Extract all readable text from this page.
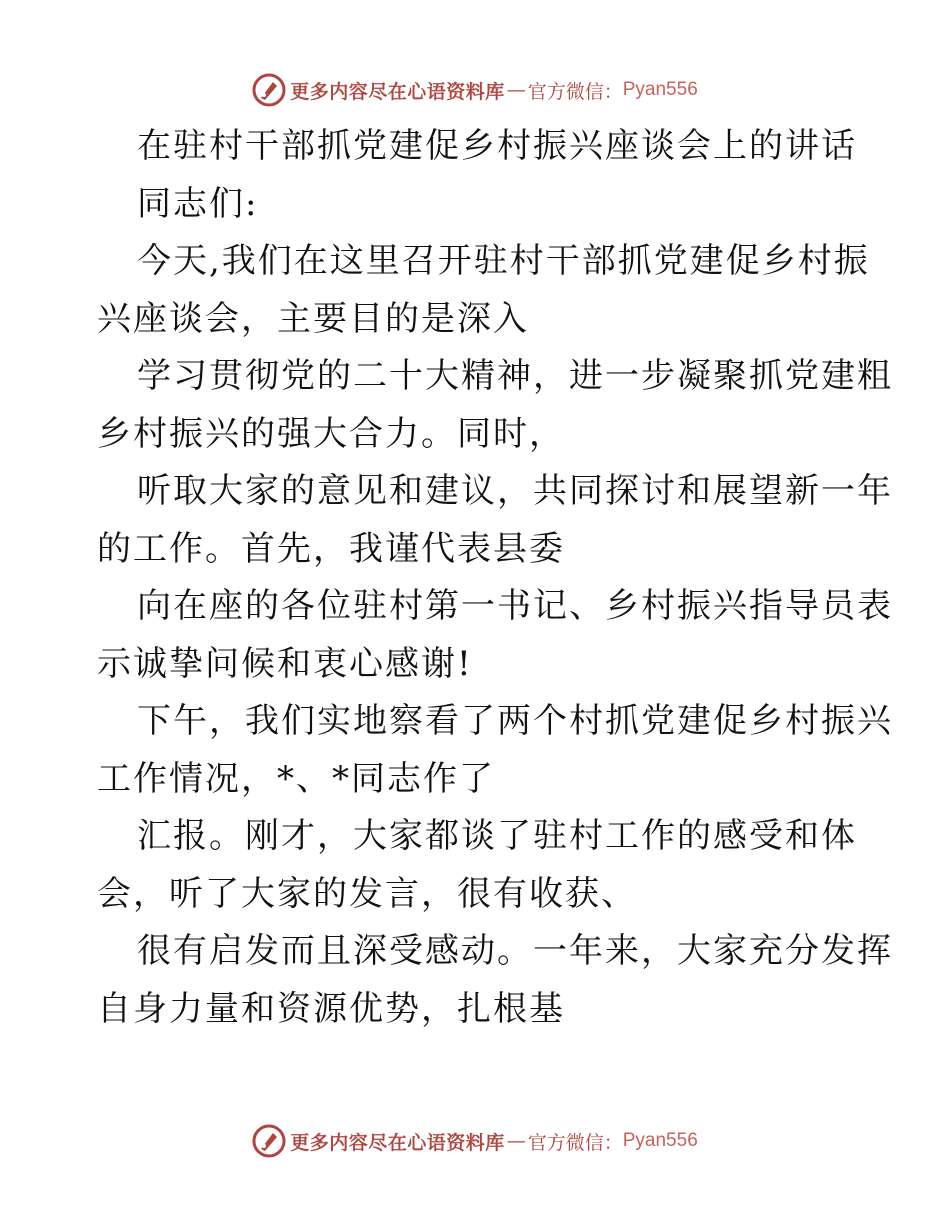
更多内容尽在心语资料库 — 官方微信： Pyan556
在驻村干部抓党建促乡村振兴座谈会上的讲话
同志们:
今天,我们在这里召开驻村干部抓党建促乡村振
兴座谈会，主要目的是深入
学习贯彻党的二十大精神，进一步凝聚抓党建粗
乡村振兴的强大合力。同时，
听取大家的意见和建议，共同探讨和展望新一年
的工作。首先，我谨代表县委
向在座的各位驻村第一书记、乡村振兴指导员表
示诚挚问候和衷心感谢!
下午，我们实地察看了两个村抓党建促乡村振兴
工作情况，*、*同志作了
汇报。刚才，大家都谈了驻村工作的感受和体
会，听了大家的发言，很有收获、
很有启发而且深受感动。一年来，大家充分发挥
自身力量和资源优势，扎根基
更多内容尽在心语资料库 — 官方微信： Pyan556
